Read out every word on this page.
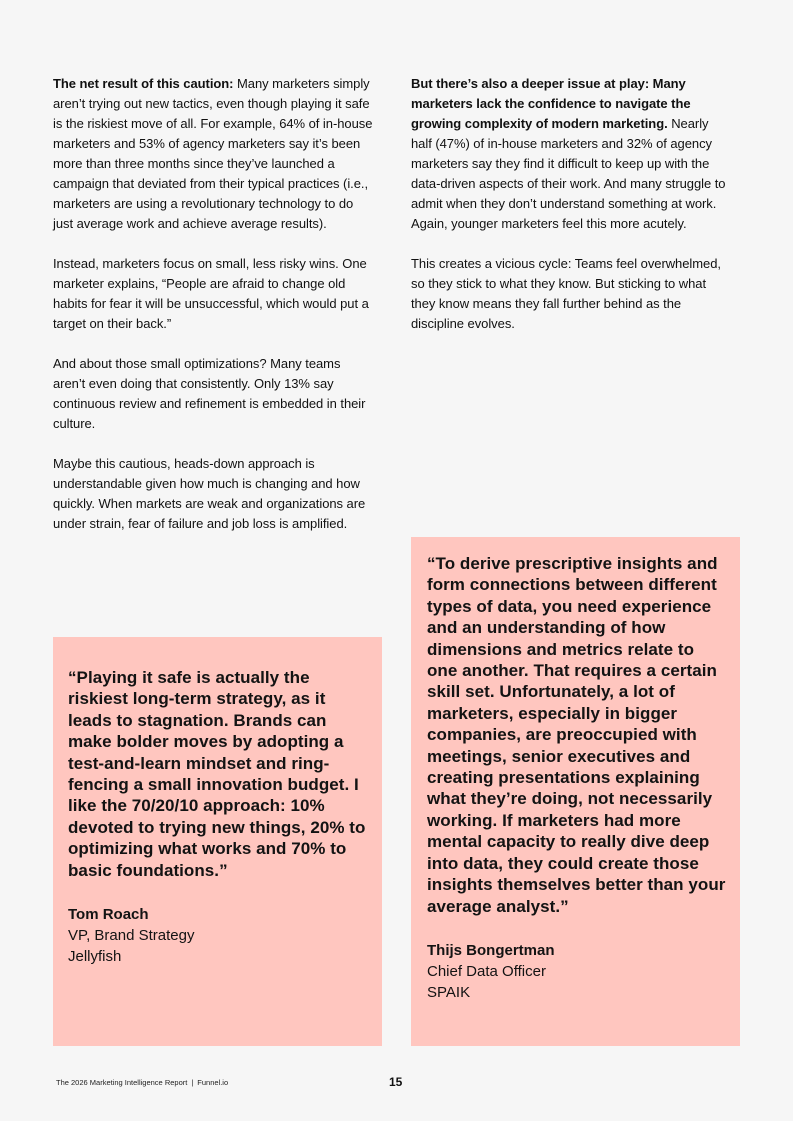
The net result of this caution: Many marketers simply aren’t trying out new tactics, even though playing it safe is the riskiest move of all. For example, 64% of in-house marketers and 53% of agency marketers say it’s been more than three months since they’ve launched a campaign that deviated from their typical practices (i.e., marketers are using a revolutionary technology to do just average work and achieve average results).

Instead, marketers focus on small, less risky wins. One marketer explains, “People are afraid to change old habits for fear it will be unsuccessful, which would put a target on their back.”

And about those small optimizations? Many teams aren’t even doing that consistently. Only 13% say continuous review and refinement is embedded in their culture.

Maybe this cautious, heads-down approach is understandable given how much is changing and how quickly. When markets are weak and organizations are under strain, fear of failure and job loss is amplified.

But there’s also a deeper issue at play: Many marketers lack the confidence to navigate the growing complexity of modern marketing. Nearly half (47%) of in-house marketers and 32% of agency marketers say they find it difficult to keep up with the data-driven aspects of their work. And many struggle to admit when they don’t understand something at work. Again, younger marketers feel this more acutely.

This creates a vicious cycle: Teams feel overwhelmed, so they stick to what they know. But sticking to what they know means they fall further behind as the discipline evolves.

“Playing it safe is actually the riskiest long-term strategy, as it leads to stagnation. Brands can make bolder moves by adopting a test-and-learn mindset and ring-fencing a small innovation budget. I like the 70/20/10 approach: 10% devoted to trying new things, 20% to optimizing what works and 70% to basic foundations.”

Tom Roach
VP, Brand Strategy
Jellyfish

“To derive prescriptive insights and form connections between different types of data, you need experience and an understanding of how dimensions and metrics relate to one another. That requires a certain skill set. Unfortunately, a lot of marketers, especially in bigger companies, are preoccupied with meetings, senior executives and creating presentations explaining what they’re doing, not necessarily working. If marketers had more mental capacity to really dive deep into data, they could create those insights themselves better than your average analyst.”

Thijs Bongertman
Chief Data Officer
SPAIK
The 2026 Marketing Intelligence Report | Funnel.io	15
